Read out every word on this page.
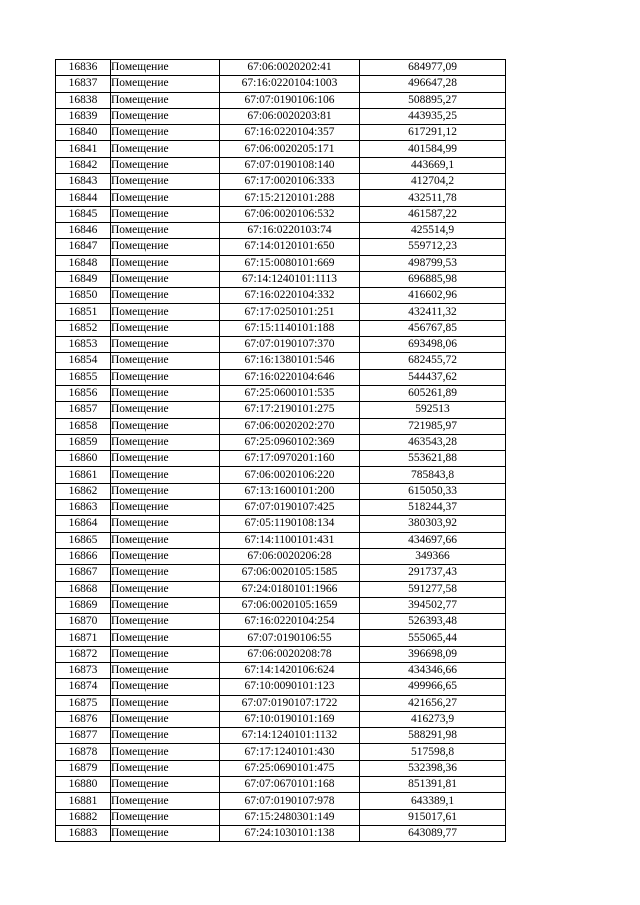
16836	Помещение	67:06:0020202:41	684977,09
16837	Помещение	67:16:0220104:1003	496647,28
16838	Помещение	67:07:0190106:106	508895,27
16839	Помещение	67:06:0020203:81	443935,25
16840	Помещение	67:16:0220104:357	617291,12
16841	Помещение	67:06:0020205:171	401584,99
16842	Помещение	67:07:0190108:140	443669,1
16843	Помещение	67:17:0020106:333	412704,2
16844	Помещение	67:15:2120101:288	432511,78
16845	Помещение	67:06:0020106:532	461587,22
16846	Помещение	67:16:0220103:74	425514,9
16847	Помещение	67:14:0120101:650	559712,23
16848	Помещение	67:15:0080101:669	498799,53
16849	Помещение	67:14:1240101:1113	696885,98
16850	Помещение	67:16:0220104:332	416602,96
16851	Помещение	67:17:0250101:251	432411,32
16852	Помещение	67:15:1140101:188	456767,85
16853	Помещение	67:07:0190107:370	693498,06
16854	Помещение	67:16:1380101:546	682455,72
16855	Помещение	67:16:0220104:646	544437,62
16856	Помещение	67:25:0600101:535	605261,89
16857	Помещение	67:17:2190101:275	592513
16858	Помещение	67:06:0020202:270	721985,97
16859	Помещение	67:25:0960102:369	463543,28
16860	Помещение	67:17:0970201:160	553621,88
16861	Помещение	67:06:0020106:220	785843,8
16862	Помещение	67:13:1600101:200	615050,33
16863	Помещение	67:07:0190107:425	518244,37
16864	Помещение	67:05:1190108:134	380303,92
16865	Помещение	67:14:1100101:431	434697,66
16866	Помещение	67:06:0020206:28	349366
16867	Помещение	67:06:0020105:1585	291737,43
16868	Помещение	67:24:0180101:1966	591277,58
16869	Помещение	67:06:0020105:1659	394502,77
16870	Помещение	67:16:0220104:254	526393,48
16871	Помещение	67:07:0190106:55	555065,44
16872	Помещение	67:06:0020208:78	396698,09
16873	Помещение	67:14:1420106:624	434346,66
16874	Помещение	67:10:0090101:123	499966,65
16875	Помещение	67:07:0190107:1722	421656,27
16876	Помещение	67:10:0190101:169	416273,9
16877	Помещение	67:14:1240101:1132	588291,98
16878	Помещение	67:17:1240101:430	517598,8
16879	Помещение	67:25:0690101:475	532398,36
16880	Помещение	67:07:0670101:168	851391,81
16881	Помещение	67:07:0190107:978	643389,1
16882	Помещение	67:15:2480301:149	915017,61
16883	Помещение	67:24:1030101:138	643089,77
